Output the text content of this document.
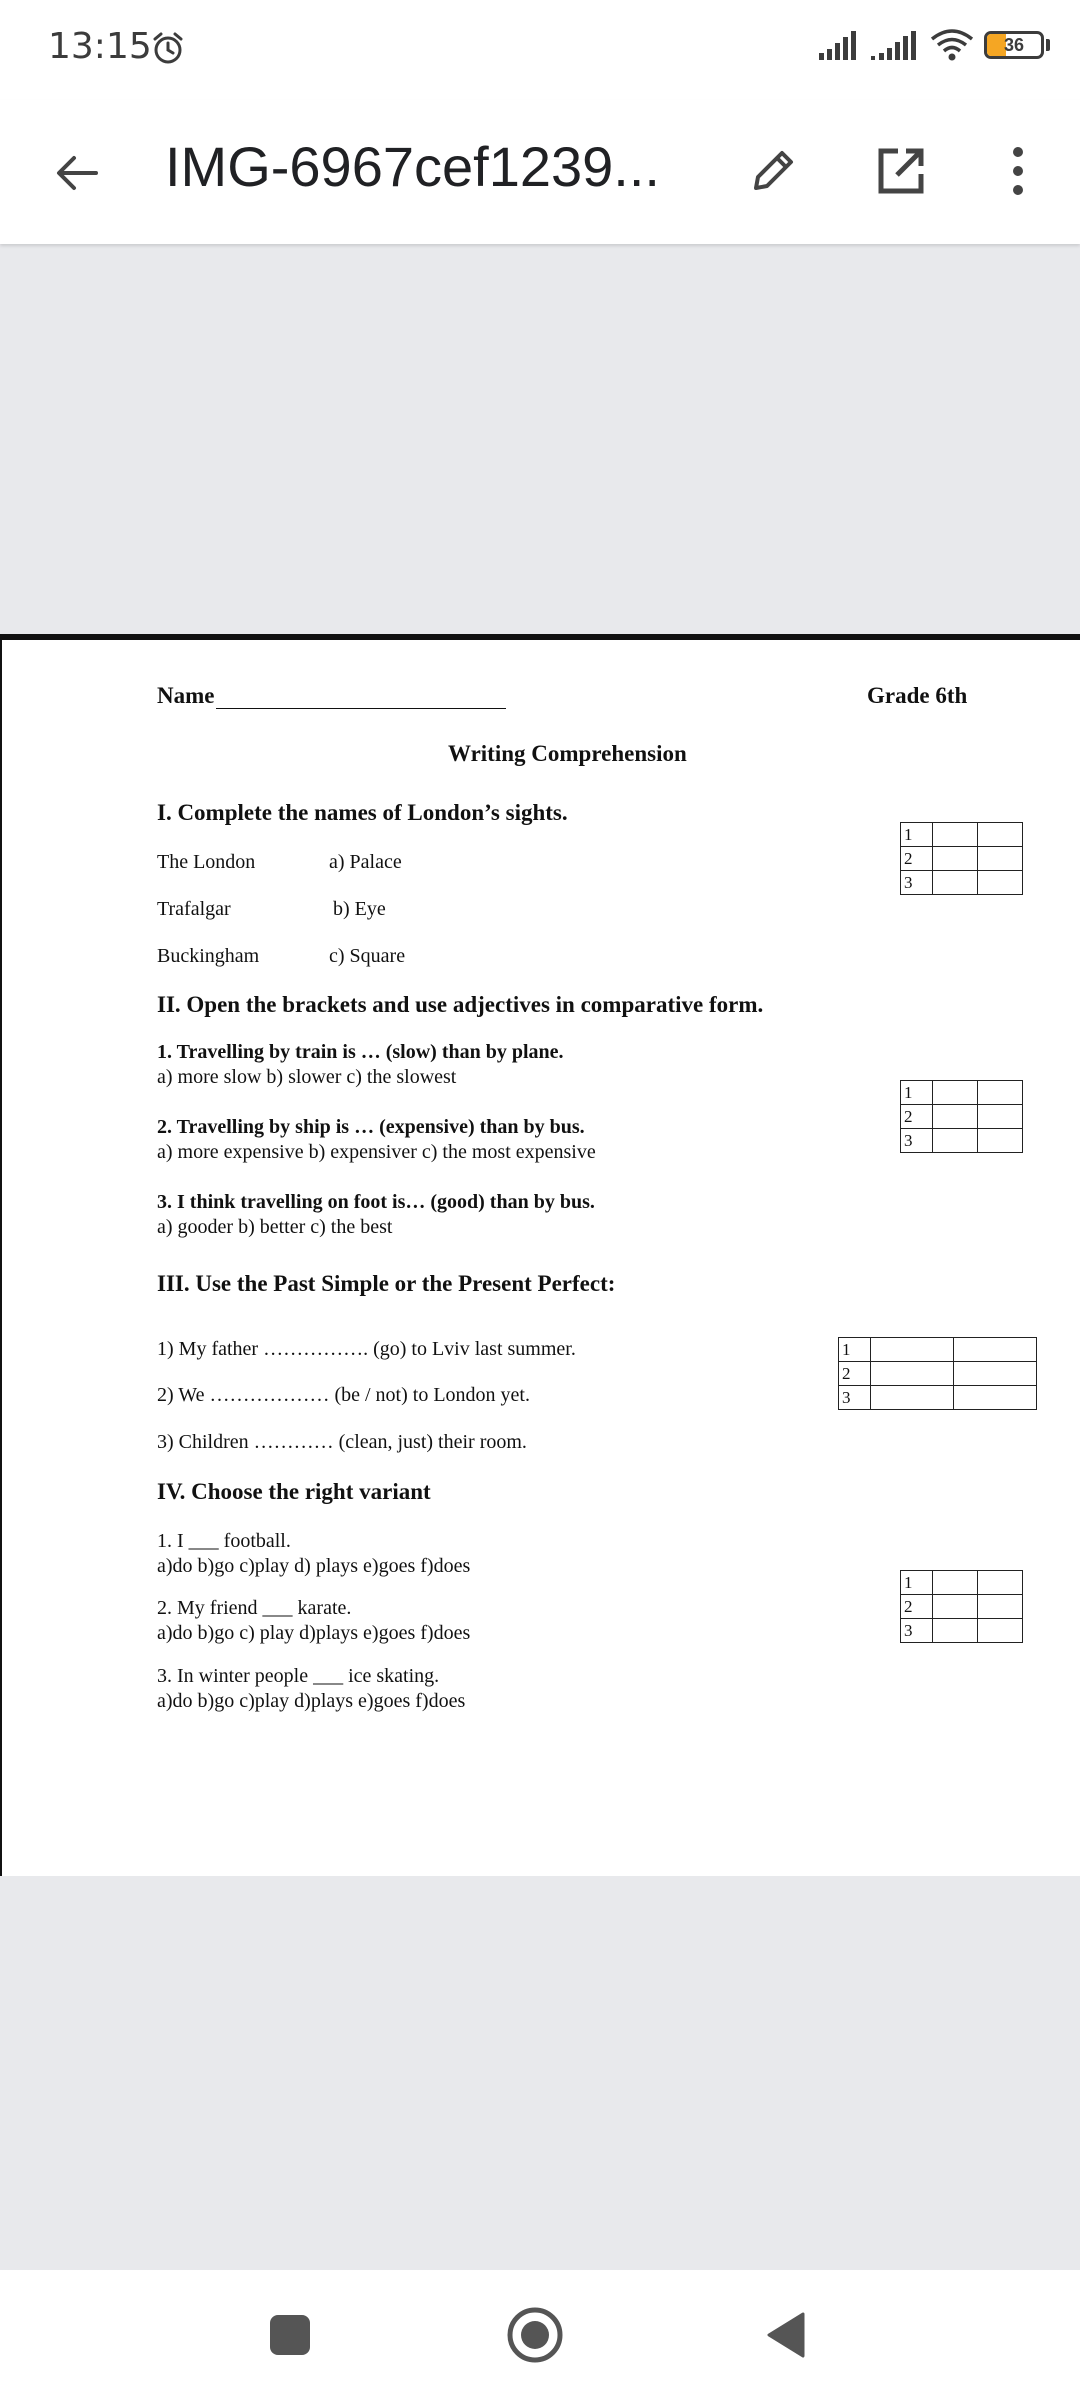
13:15	36
IMG-6967cef1239...
Name	Grade 6th
Writing Comprehension
I. Complete the names of London’s sights.
The London	a) Palace
Trafalgar	b) Eye
Buckingham	c) Square
1		
2		
3		
II. Open the brackets and use adjectives in comparative form.
1. Travelling by train is … (slow) than by plane.
a) more slow b) slower c) the slowest
2. Travelling by ship is … (expensive) than by bus.
a) more expensive b) expensiver c) the most expensive
3. I think travelling on foot is… (good) than by bus.
a) gooder b) better c) the best
1		
2		
3		
III. Use the Past Simple or the Present Perfect:
1) My father ……………. (go) to Lviv last summer.
2) We ……………… (be / not) to London yet.
3) Children ………… (clean, just) their room.
1		
2		
3		
IV. Choose the right variant
1. I ___ football.
a)do b)go c)play d) plays e)goes f)does
2. My friend ___ karate.
a)do b)go c) play d)plays e)goes f)does
3. In winter people ___ ice skating.
a)do b)go c)play d)plays e)goes f)does
1		
2		
3		
